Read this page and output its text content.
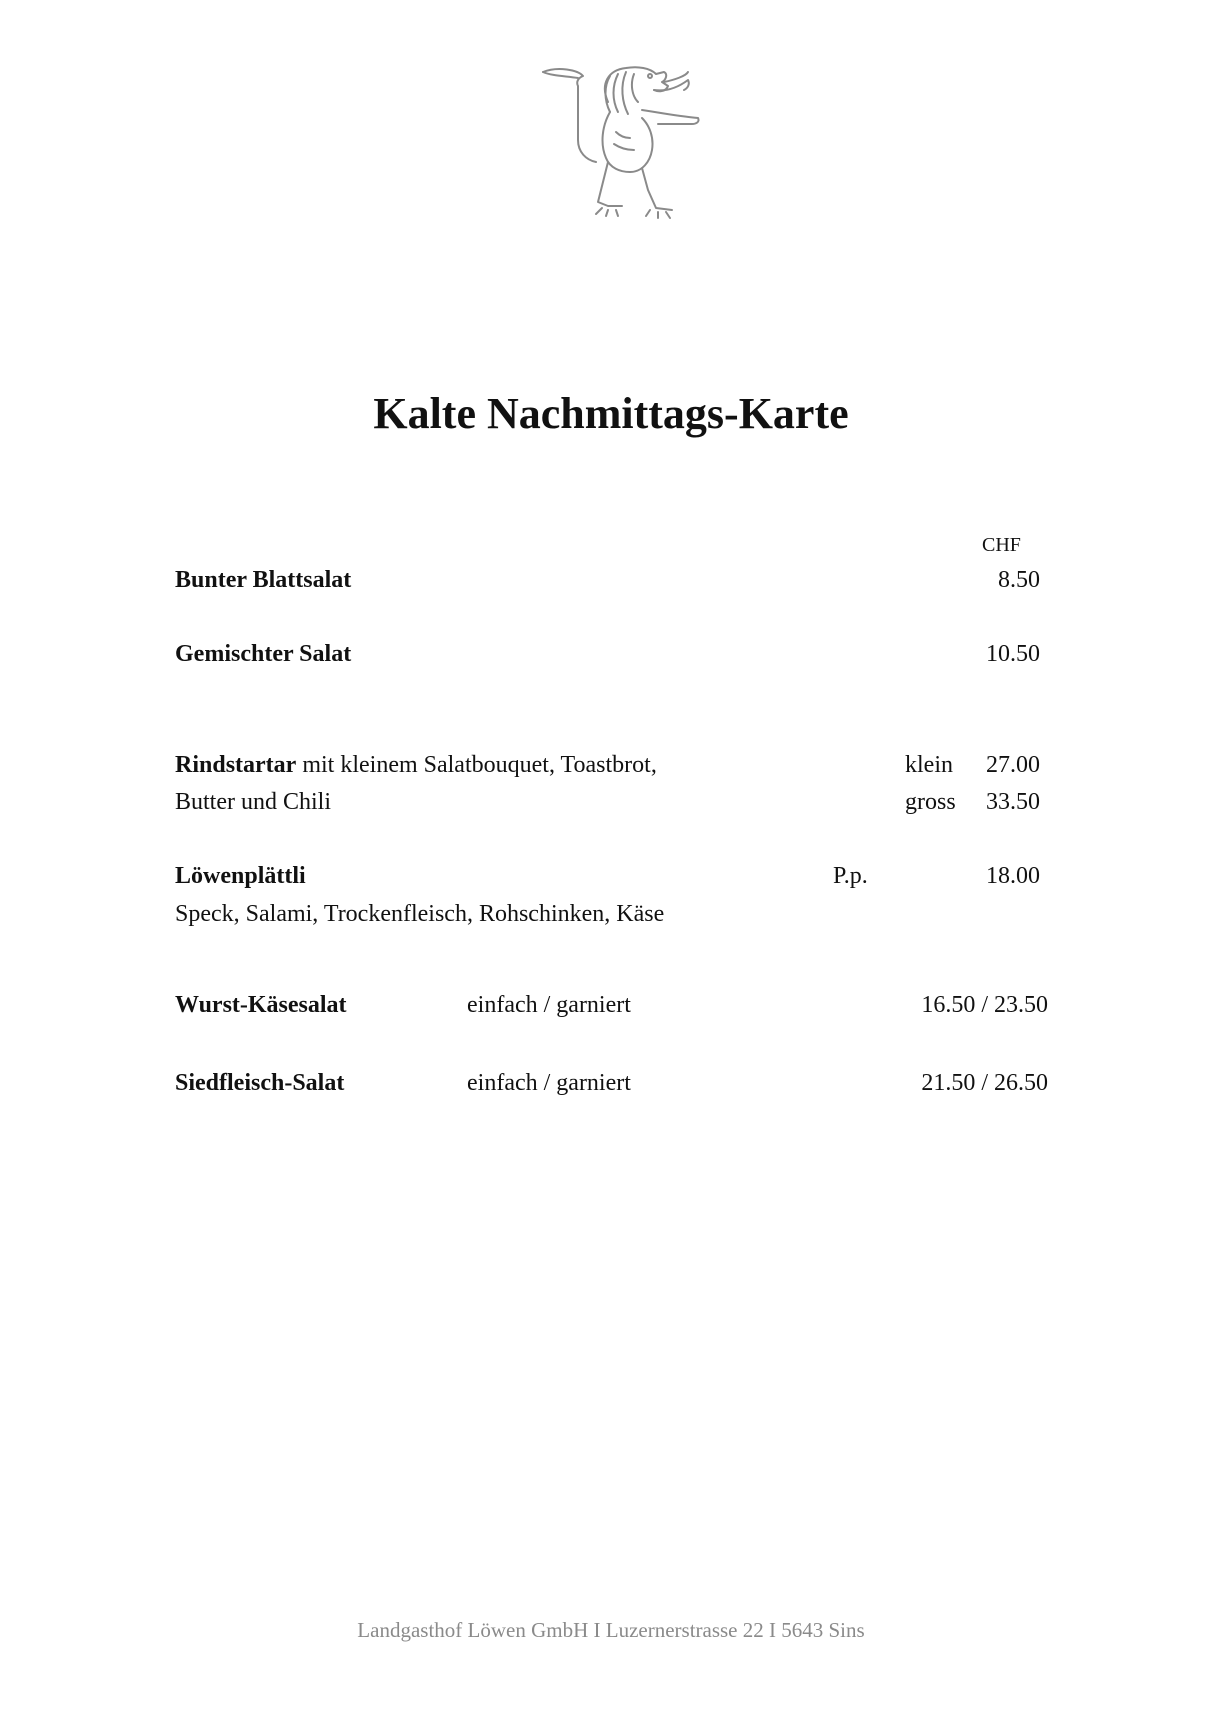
Kalte Nachmittags-Karte
CHF
Bunter Blattsalat	8.50
Gemischter Salat	10.50
Rindstartar mit kleinem Salatbouquet, Toastbrot,
Butter und Chili
klein	27.00
gross	33.50
Löwenplättli	P.p.	18.00
Speck, Salami, Trockenfleisch, Rohschinken, Käse
Wurst-Käsesalat	einfach / garniert	16.50 / 23.50
Siedfleisch-Salat	einfach / garniert	21.50 / 26.50
Landgasthof Löwen GmbH I Luzernerstrasse 22 I 5643 Sins
